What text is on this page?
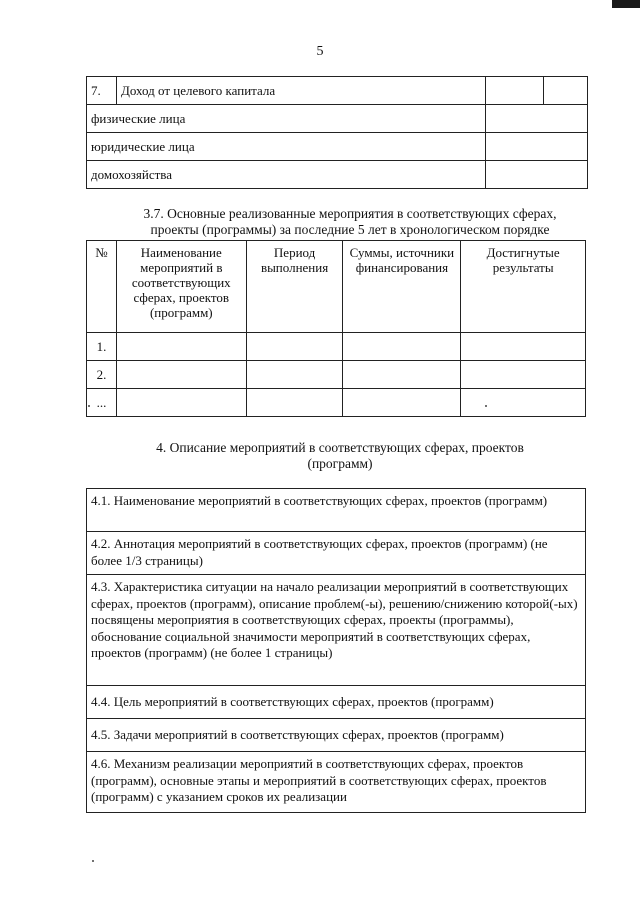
5
7.	Доход от целевого капитала		
физические лица			
юридические лица			
домохозяйства			
3.7. Основные реализованные мероприятия в соответствующих сферах,
проекты (программы) за последние 5 лет в хронологическом порядке
№	Наименование мероприятий в соответствующих сферах, проектов (программ)	Период выполнения	Суммы, источники финансирования	Достигнутые результаты
1.				
2.				
...				
4. Описание мероприятий в соответствующих сферах, проектов
(программ)
4.1. Наименование мероприятий в соответствующих сферах, проектов (программ)
4.2. Аннотация мероприятий в соответствующих сферах, проектов (программ) (не более 1/3 страницы)
4.3. Характеристика ситуации на начало реализации мероприятий в соответствующих сферах, проектов (программ), описание проблем(-ы), решению/снижению которой(-ых) посвящены мероприятия в соответствующих сферах, проекты (программы), обоснование социальной значимости мероприятий в соответствующих сферах, проектов (программ) (не более 1 страницы)
4.4. Цель мероприятий в соответствующих сферах, проектов (программ)
4.5. Задачи мероприятий в соответствующих сферах, проектов (программ)
4.6. Механизм реализации мероприятий в соответствующих сферах, проектов (программ), основные этапы и мероприятий в соответствующих сферах, проектов (программ) с указанием сроков их реализации
